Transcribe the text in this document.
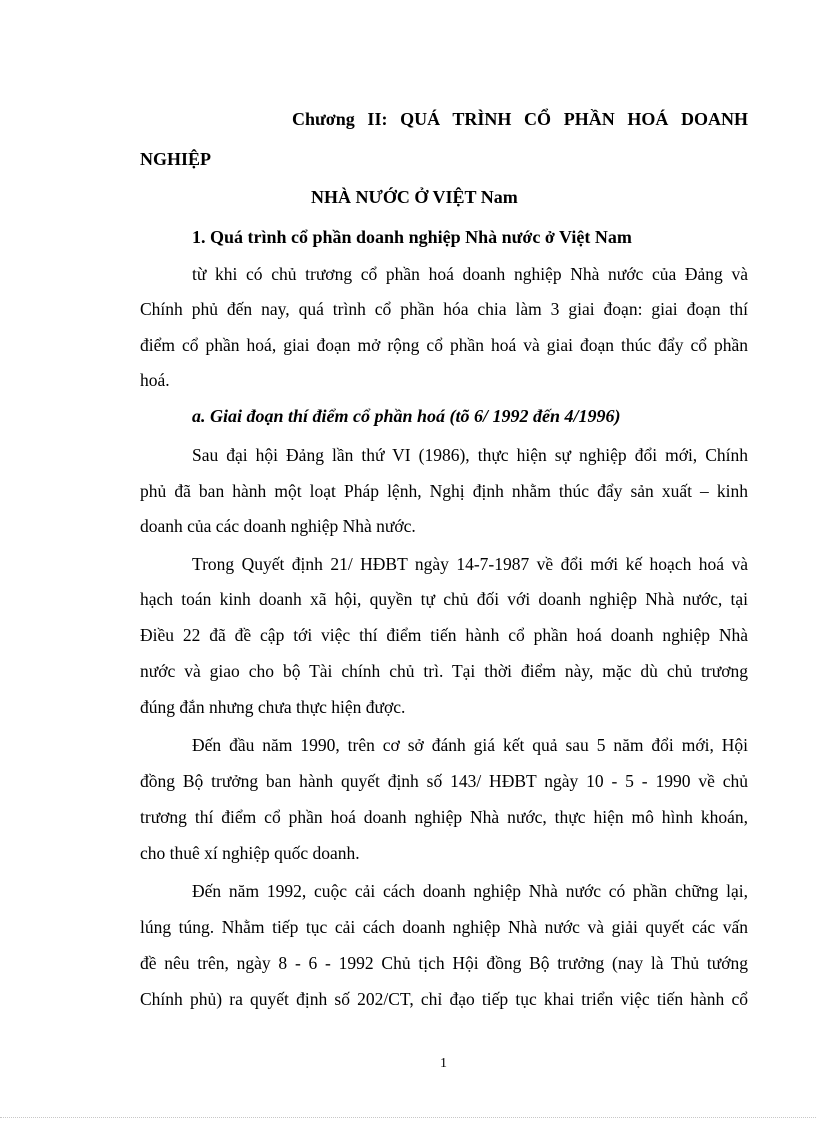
Chương II: QUÁ TRÌNH CỔ PHẦN HOÁ DOANH

NGHIỆP

NHÀ NƯỚC Ở VIỆT Nam

1. Quá trình cổ phần doanh nghiệp Nhà nước ở Việt Nam

từ khi có chủ trương cổ phần hoá doanh nghiệp Nhà nước của Đảng và

Chính phủ đến nay, quá trình cổ phần hóa chia làm 3 giai đoạn: giai đoạn thí

điểm cổ phần hoá, giai đoạn mở rộng cổ phần hoá và giai đoạn thúc đẩy cổ phần

hoá.

a. Giai đoạn thí điểm cổ phần hoá (tõ 6/ 1992 đến 4/1996)

Sau đại hội Đảng lần thứ VI (1986), thực hiện sự nghiệp đổi mới, Chính

phủ đã ban hành một loạt Pháp lệnh, Nghị định nhằm thúc đẩy sản xuất – kinh

doanh của các doanh nghiệp Nhà nước.

Trong Quyết định 21/ HĐBT ngày 14-7-1987 về đổi mới kế hoạch hoá và

hạch toán kinh doanh xã hội, quyền tự chủ đối với doanh nghiệp Nhà nước, tại

Điều 22 đã đề cập tới việc thí điểm tiến hành cổ phần hoá doanh nghiệp Nhà

nước và giao cho bộ Tài chính chủ trì. Tại thời điểm này, mặc dù chủ trương

đúng đắn nhưng chưa thực hiện được.

Đến đầu năm 1990, trên cơ sở đánh giá kết quả sau 5 năm đổi mới, Hội

đồng Bộ trưởng ban hành quyết định số 143/ HĐBT ngày 10 - 5 - 1990 về chủ

trương thí điểm cổ phần hoá doanh nghiệp Nhà nước, thực hiện mô hình khoán,

cho thuê xí nghiệp quốc doanh.

Đến năm 1992, cuộc cải cách doanh nghiệp Nhà nước có phần chững lại,

lúng túng. Nhằm tiếp tục cải cách doanh nghiệp Nhà nước và giải quyết các vấn

đề nêu trên, ngày 8 - 6 - 1992 Chủ tịch Hội đồng Bộ trưởng (nay là Thủ tướng

Chính phủ) ra quyết định số 202/CT, chỉ đạo tiếp tục khai triển việc tiến hành cổ

1
